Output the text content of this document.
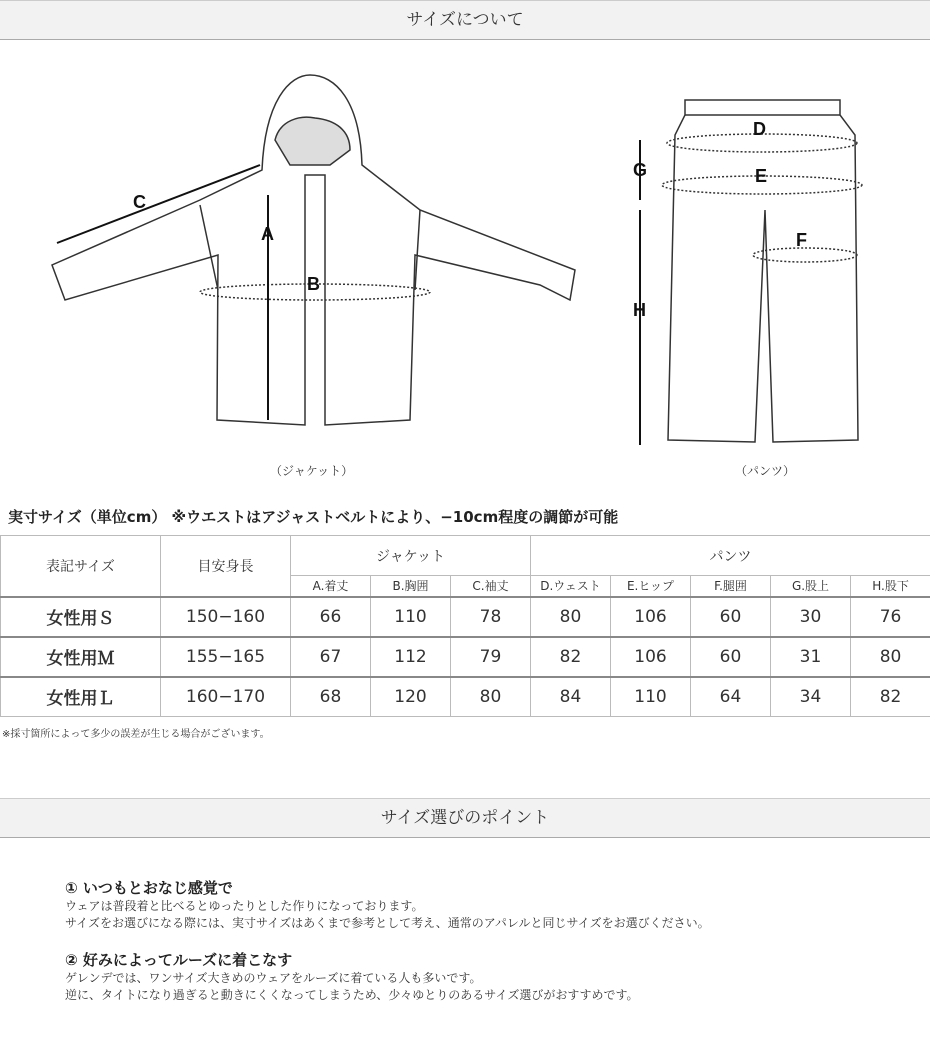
サイズについて
A
B
C
D
E
F
G
H
（ジャケット）	（パンツ）
実寸サイズ（単位cm） ※ウエストはアジャストベルトにより、−10cm程度の調節が可能
表記サイズ	目安身長	ジャケット			パンツ				
		A.着丈	B.胸囲	C.袖丈	D.ウェスト	E.ヒップ	F.腿囲	G.股上	H.股下
女性用Ｓ	150−160	66	110	78	80	106	60	30	76
女性用Ｍ	155−165	67	112	79	82	106	60	31	80
女性用Ｌ	160−170	68	120	80	84	110	64	34	82
※採寸箇所によって多少の誤差が生じる場合がございます。
サイズ選びのポイント
① いつもとおなじ感覚で
ウェアは普段着と比べるとゆったりとした作りになっております。
サイズをお選びになる際には、実寸サイズはあくまで参考として考え、通常のアパレルと同じサイズをお選びください。
② 好みによってルーズに着こなす
ゲレンデでは、ワンサイズ大きめのウェアをルーズに着ている人も多いです。
逆に、タイトになり過ぎると動きにくくなってしまうため、少々ゆとりのあるサイズ選びがおすすめです。
